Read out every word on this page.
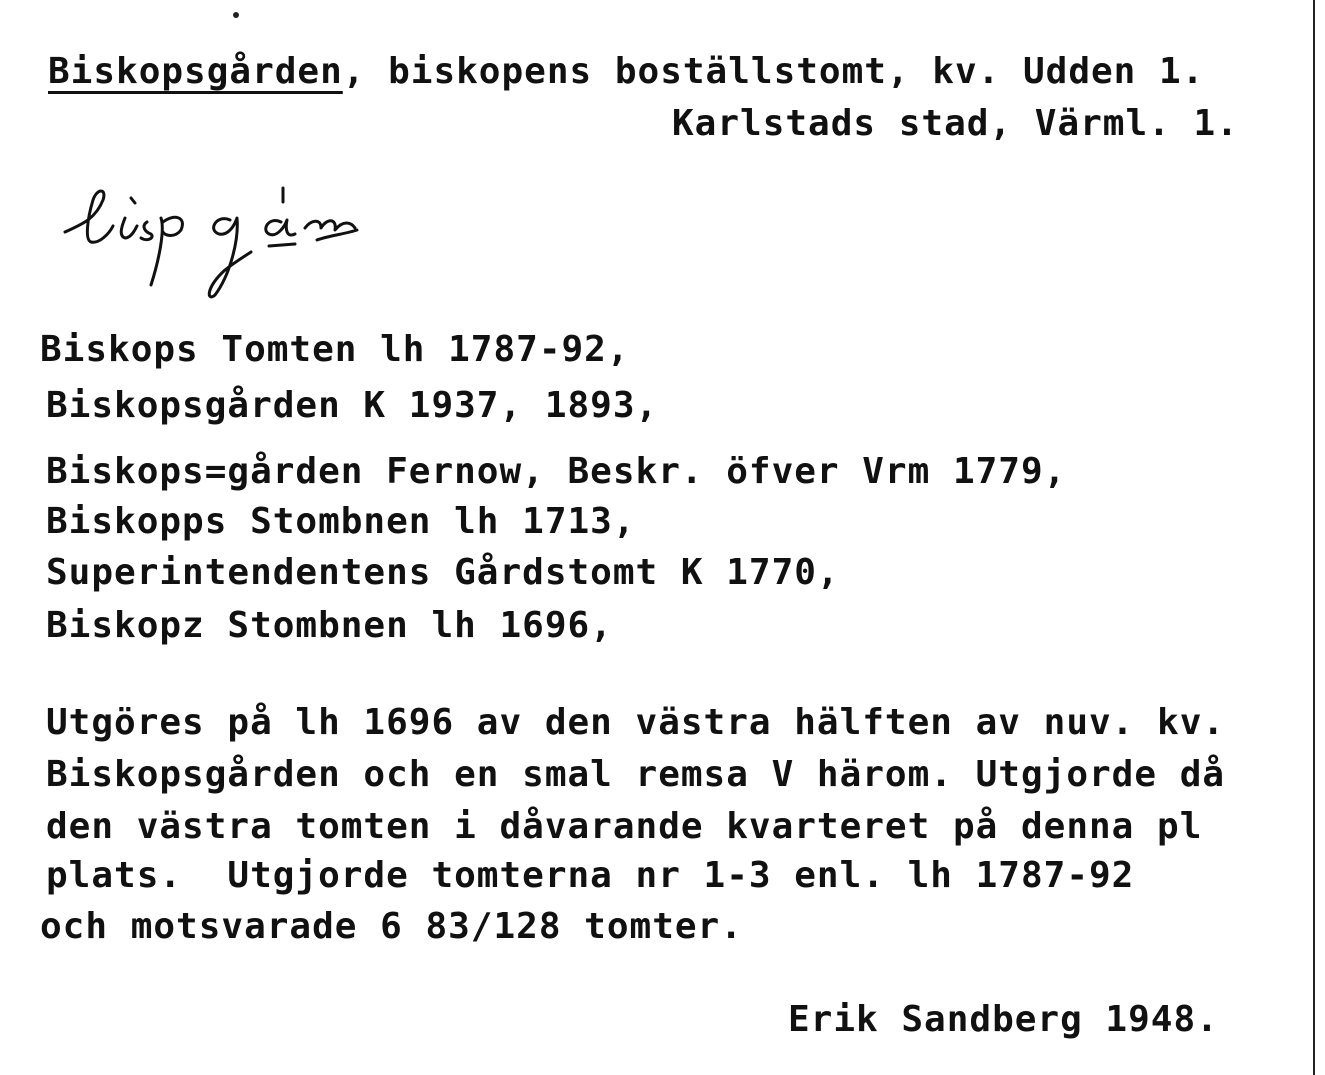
Biskopsgården, biskopens boställstomt, kv. Udden 1.
Karlstads stad, Värml. 1.
Biskops Tomten lh 1787-92,
Biskopsgården K 1937, 1893,
Biskops=gården Fernow, Beskr. öfver Vrm 1779,
Biskopps Stombnen lh 1713,
Superintendentens Gårdstomt K 1770,
Biskopz Stombnen lh 1696,
Utgöres på lh 1696 av den västra hälften av nuv. kv.
Biskopsgården och en smal remsa V härom. Utgjorde då
den västra tomten i dåvarande kvarteret på denna pl
plats.  Utgjorde tomterna nr 1-3 enl. lh 1787-92
och motsvarade 6 83/128 tomter.
Erik Sandberg 1948.
